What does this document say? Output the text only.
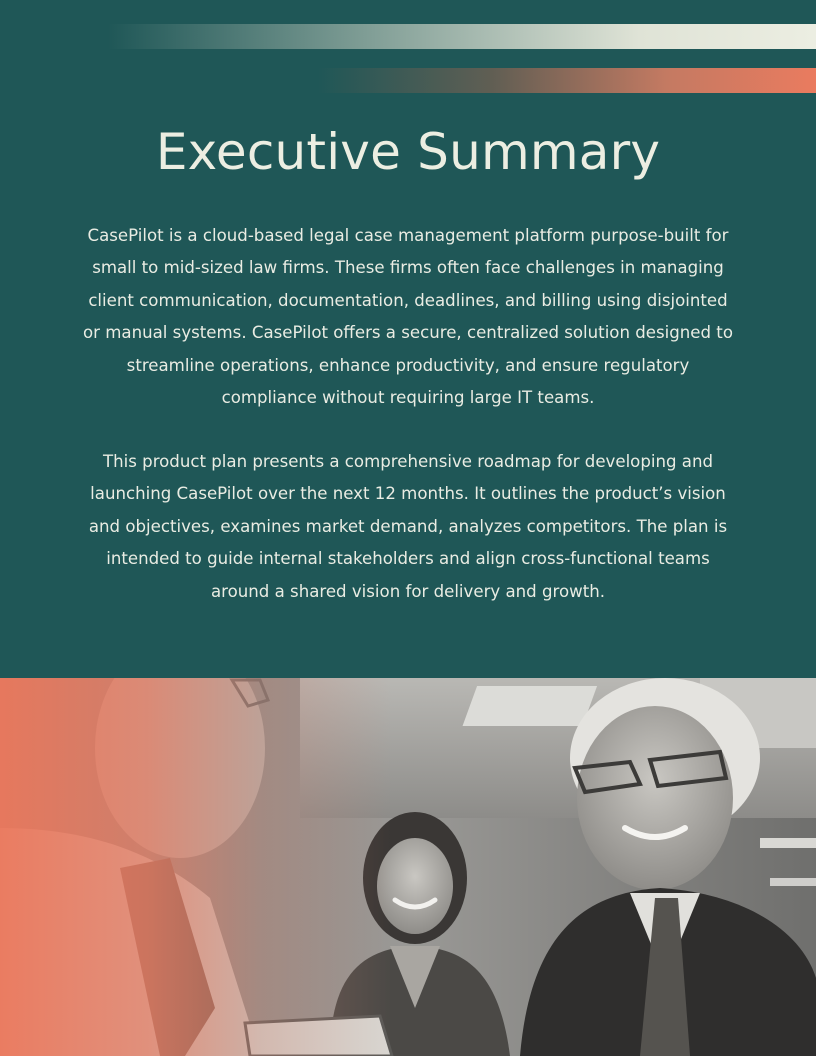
Executive Summary

CasePilot is a cloud-based legal case management platform purpose-built for small to mid-sized law firms. These firms often face challenges in managing client communication, documentation, deadlines, and billing using disjointed or manual systems. CasePilot offers a secure, centralized solution designed to streamline operations, enhance productivity, and ensure regulatory compliance without requiring large IT teams.

This product plan presents a comprehensive roadmap for developing and launching CasePilot over the next 12 months. It outlines the product’s vision and objectives, examines market demand, analyzes competitors. The plan is intended to guide internal stakeholders and align cross-functional teams around a shared vision for delivery and growth.
